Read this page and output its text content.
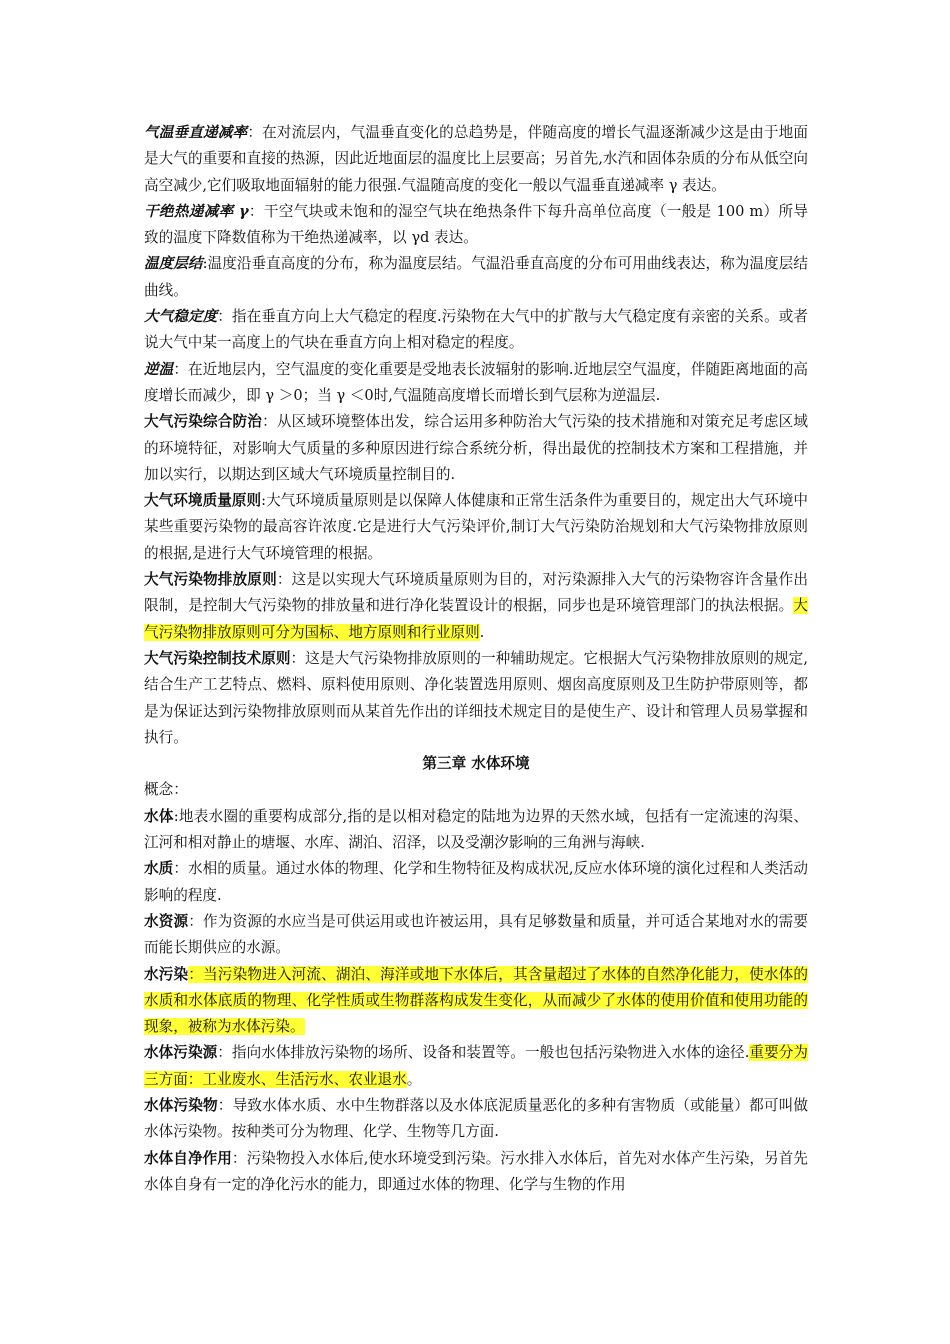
气温垂直递减率：在对流层内，气温垂直变化的总趋势是，伴随高度的增长气温逐渐减少这是由于地面是大气的重要和直接的热源，因此近地面层的温度比上层要高；另首先,水汽和固体杂质的分布从低空向高空减少,它们吸取地面辐射的能力很强.气温随高度的变化一般以气温垂直递减率 γ 表达。

干绝热递减率 γ：干空气块或未饱和的湿空气块在绝热条件下每升高单位高度（一般是 100 m）所导致的温度下降数值称为干绝热递减率，以 γd 表达。

温度层结:温度沿垂直高度的分布，称为温度层结。气温沿垂直高度的分布可用曲线表达，称为温度层结曲线。

大气稳定度：指在垂直方向上大气稳定的程度.污染物在大气中的扩散与大气稳定度有亲密的关系。或者说大气中某一高度上的气块在垂直方向上相对稳定的程度。

逆温：在近地层内，空气温度的变化重要是受地表长波辐射的影响.近地层空气温度，伴随距离地面的高度增长而减少，即 γ ＞0；当 γ ＜0时,气温随高度增长而增长到气层称为逆温层.

大气污染综合防治：从区域环境整体出发，综合运用多种防治大气污染的技术措施和对策充足考虑区域的环境特征，对影响大气质量的多种原因进行综合系统分析，得出最优的控制技术方案和工程措施，并加以实行，以期达到区域大气环境质量控制目的.

大气环境质量原则:大气环境质量原则是以保障人体健康和正常生活条件为重要目的，规定出大气环境中某些重要污染物的最高容许浓度.它是进行大气污染评价,制订大气污染防治规划和大气污染物排放原则的根据,是进行大气环境管理的根据。

大气污染物排放原则：这是以实现大气环境质量原则为目的，对污染源排入大气的污染物容许含量作出限制，是控制大气污染物的排放量和进行净化装置设计的根据，同步也是环境管理部门的执法根据。大气污染物排放原则可分为国标、地方原则和行业原则.

大气污染控制技术原则：这是大气污染物排放原则的一种辅助规定。它根据大气污染物排放原则的规定,结合生产工艺特点、燃料、原料使用原则、净化装置选用原则、烟囱高度原则及卫生防护带原则等，都是为保证达到污染物排放原则而从某首先作出的详细技术规定目的是使生产、设计和管理人员易掌握和执行。

第三章 水体环境

概念：

水体:地表水圈的重要构成部分,指的是以相对稳定的陆地为边界的天然水域，包括有一定流速的沟渠、江河和相对静止的塘堰、水库、湖泊、沼泽，以及受潮汐影响的三角洲与海峡.

水质：水相的质量。通过水体的物理、化学和生物特征及构成状况,反应水体环境的演化过程和人类活动影响的程度.

水资源：作为资源的水应当是可供运用或也许被运用，具有足够数量和质量，并可适合某地对水的需要而能长期供应的水源。

水污染：当污染物进入河流、湖泊、海洋或地下水体后，其含量超过了水体的自然净化能力，使水体的水质和水体底质的物理、化学性质或生物群落构成发生变化，从而减少了水体的使用价值和使用功能的现象，被称为水体污染。

水体污染源：指向水体排放污染物的场所、设备和装置等。一般也包括污染物进入水体的途径.重要分为三方面：工业废水、生活污水、农业退水。

水体污染物：导致水体水质、水中生物群落以及水体底泥质量恶化的多种有害物质（或能量）都可叫做水体污染物。按种类可分为物理、化学、生物等几方面.

水体自净作用：污染物投入水体后,使水环境受到污染。污水排入水体后，首先对水体产生污染，另首先水体自身有一定的净化污水的能力，即通过水体的物理、化学与生物的作用
